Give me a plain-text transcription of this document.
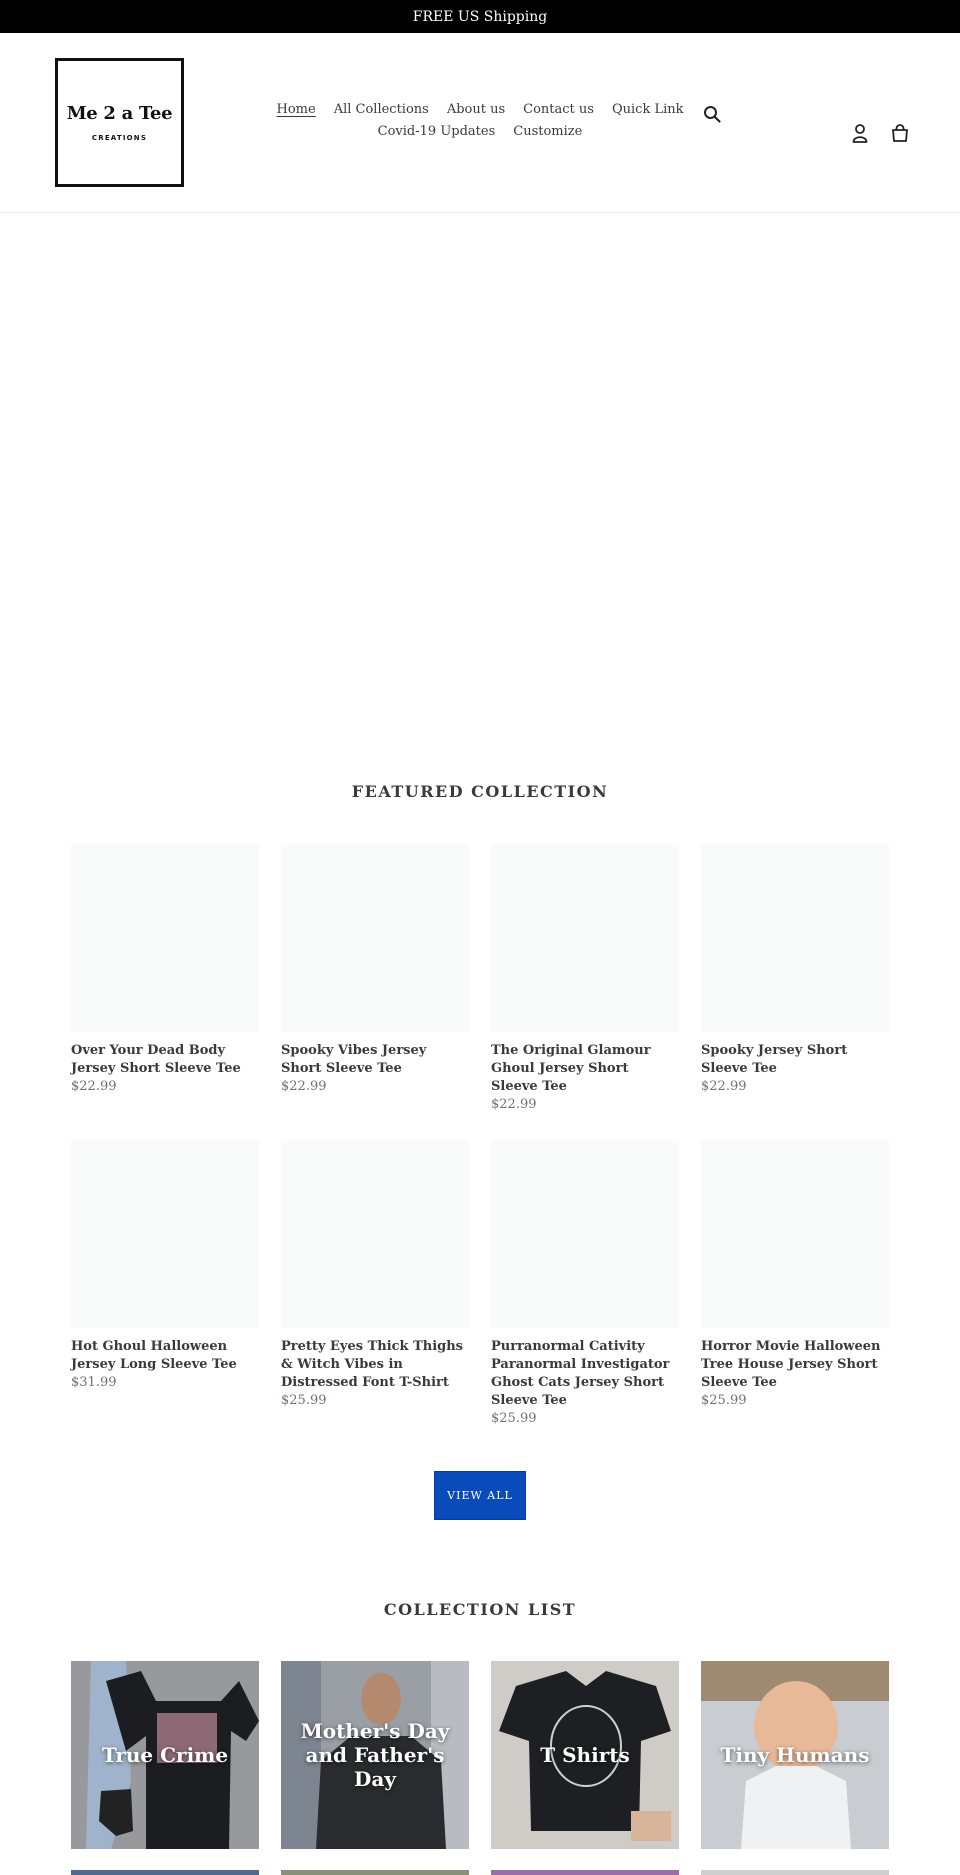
FREE US Shipping
Me 2 a Tee
CREATIONS
Home	All Collections	About us	Contact us	Quick Link
Covid-19 Updates	Customize
FEATURED COLLECTION
Over Your Dead Body Jersey Short Sleeve Tee
$22.99
Spooky Vibes Jersey Short Sleeve Tee
$22.99
The Original Glamour Ghoul Jersey Short Sleeve Tee
$22.99
Spooky Jersey Short Sleeve Tee
$22.99
Hot Ghoul Halloween Jersey Long Sleeve Tee
$31.99
Pretty Eyes Thick Thighs & Witch Vibes in Distressed Font T-Shirt
$25.99
Purranormal Cativity Paranormal Investigator Ghost Cats Jersey Short Sleeve Tee
$25.99
Horror Movie Halloween Tree House Jersey Short Sleeve Tee
$25.99
VIEW ALL
COLLECTION LIST
True Crime
Mother's Day and Father's Day
T Shirts	Tiny Humans
